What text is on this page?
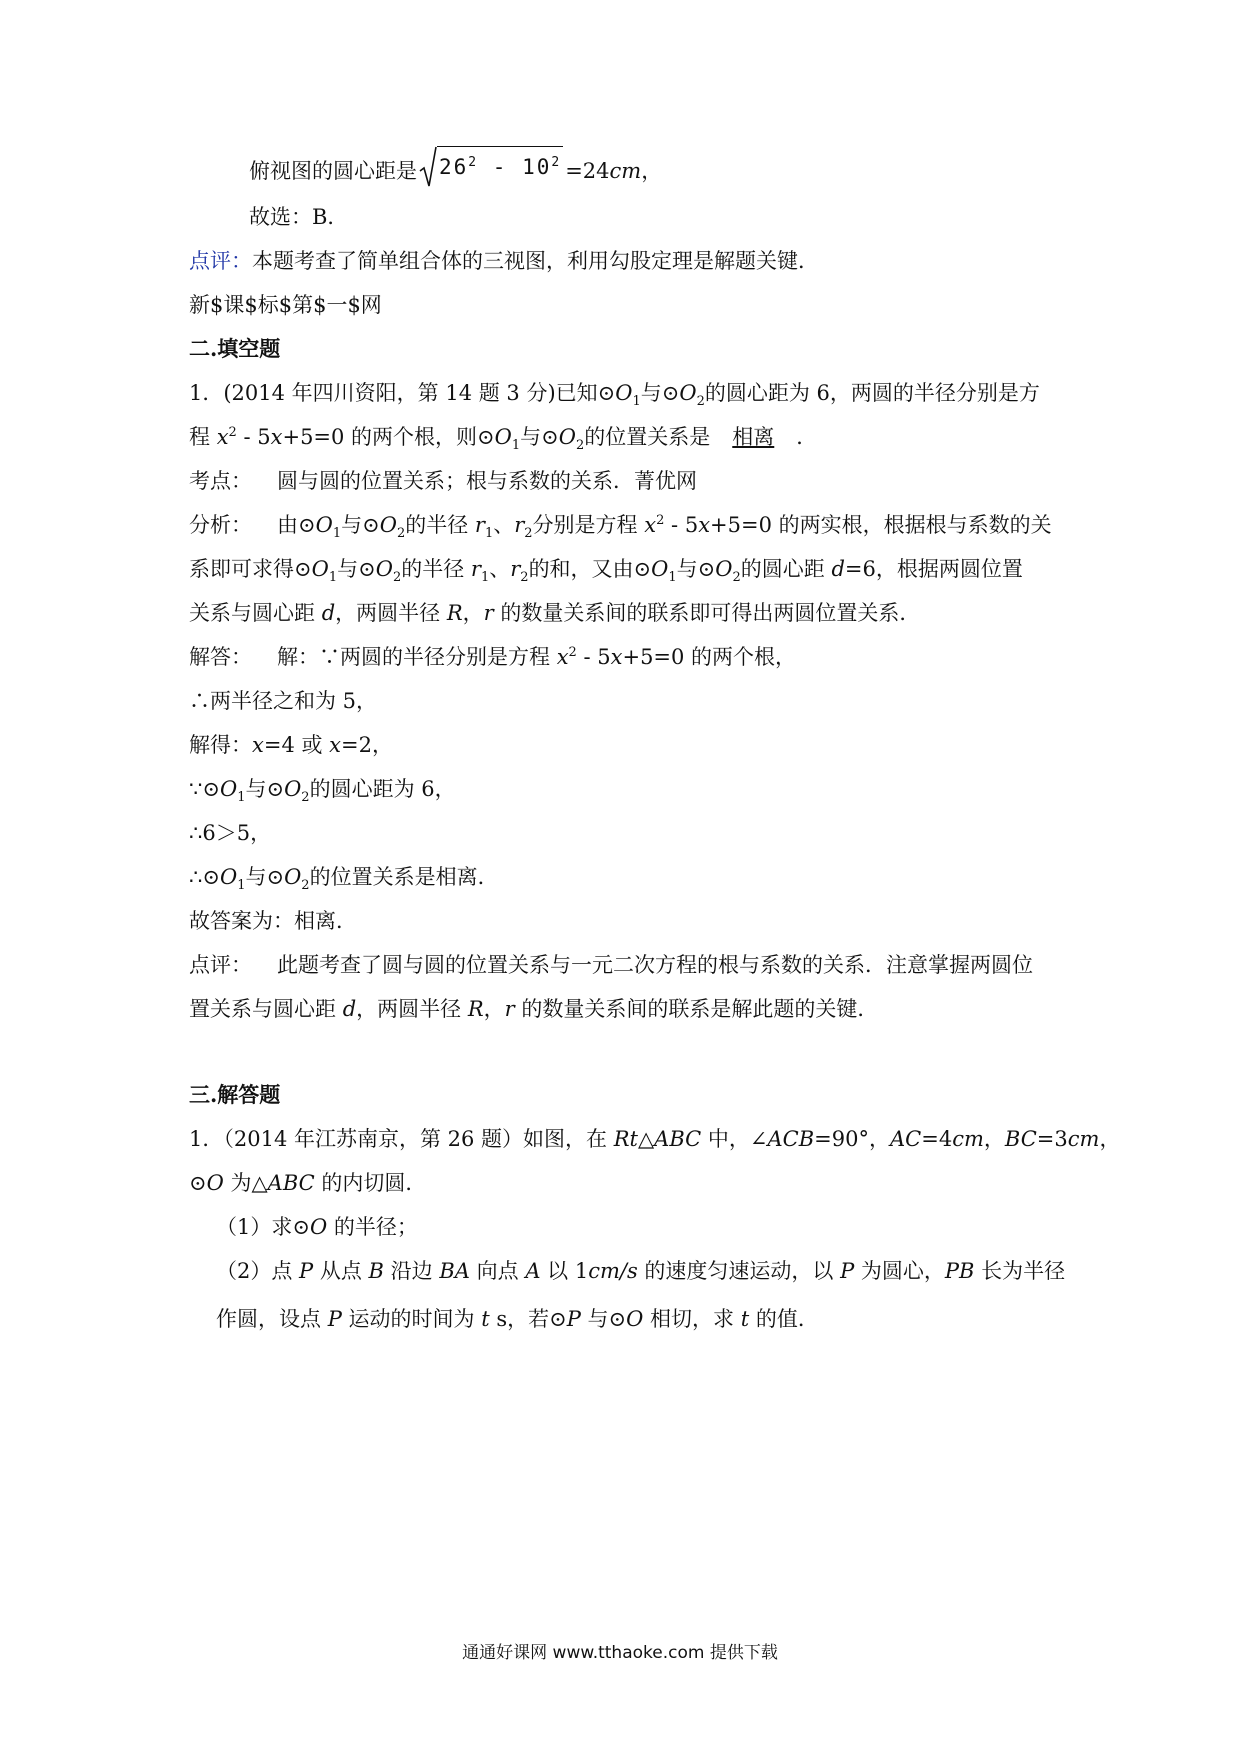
俯视图的圆心距是 $26^2 - 10^2 =24cm$，
故选：B．
点评：本题考查了简单组合体的三视图，利用勾股定理是解题关键．
新$课$标$第$一$网
二.填空题
1．(2014 年四川资阳，第 14 题 3 分)已知$⊙O_1$与$⊙O_2$的圆心距为 6，两圆的半径分别是方
程 $x^2 - 5x+5=0$ 的两个根，则$⊙O_1$与$⊙O_2$的位置关系是 相离 ．
考点： 圆与圆的位置关系；根与系数的关系．菁优网
分析： 由$⊙O_1$与$⊙O_2$的半径 $r_1$、$r_2$分别是方程 $x^2 - 5x+5=0$ 的两实根，根据根与系数的关
系即可求得$⊙O_1$与$⊙O_2$的半径 $r_1$、$r_2$的和，又由$⊙O_1$与$⊙O_2$的圆心距 d=6，根据两圆位置
关系与圆心距 d，两圆半径 R，r 的数量关系间的联系即可得出两圆位置关系．
解答： 解：∵两圆的半径分别是方程 $x^2 - 5x+5=0$ 的两个根，
∴两半径之和为 5，
解得：x=4 或 x=2，
$\because⊙O_1$与$⊙O_2$的圆心距为 6，
∴6＞5，
$\therefore⊙O_1$与$⊙O_2$的位置关系是相离．
故答案为：相离．
点评： 此题考查了圆与圆的位置关系与一元二次方程的根与系数的关系．注意掌握两圆位
置关系与圆心距 d，两圆半径 R，r 的数量关系间的联系是解此题的关键．
三.解答题
1．（2014 年江苏南京，第 26 题）如图，在 Rt△ABC 中，∠ACB=90°，AC=4cm，BC=3cm，
⊙O 为△ABC 的内切圆．
（1）求⊙O 的半径；
（2）点 P 从点 B 沿边 BA 向点 A 以 1cm/s 的速度匀速运动，以 P 为圆心，PB 长为半径
作圆，设点 P 运动的时间为 t s，若⊙P 与⊙O 相切，求 t 的值．
通通好课网 www.tthaoke.com 提供下载
